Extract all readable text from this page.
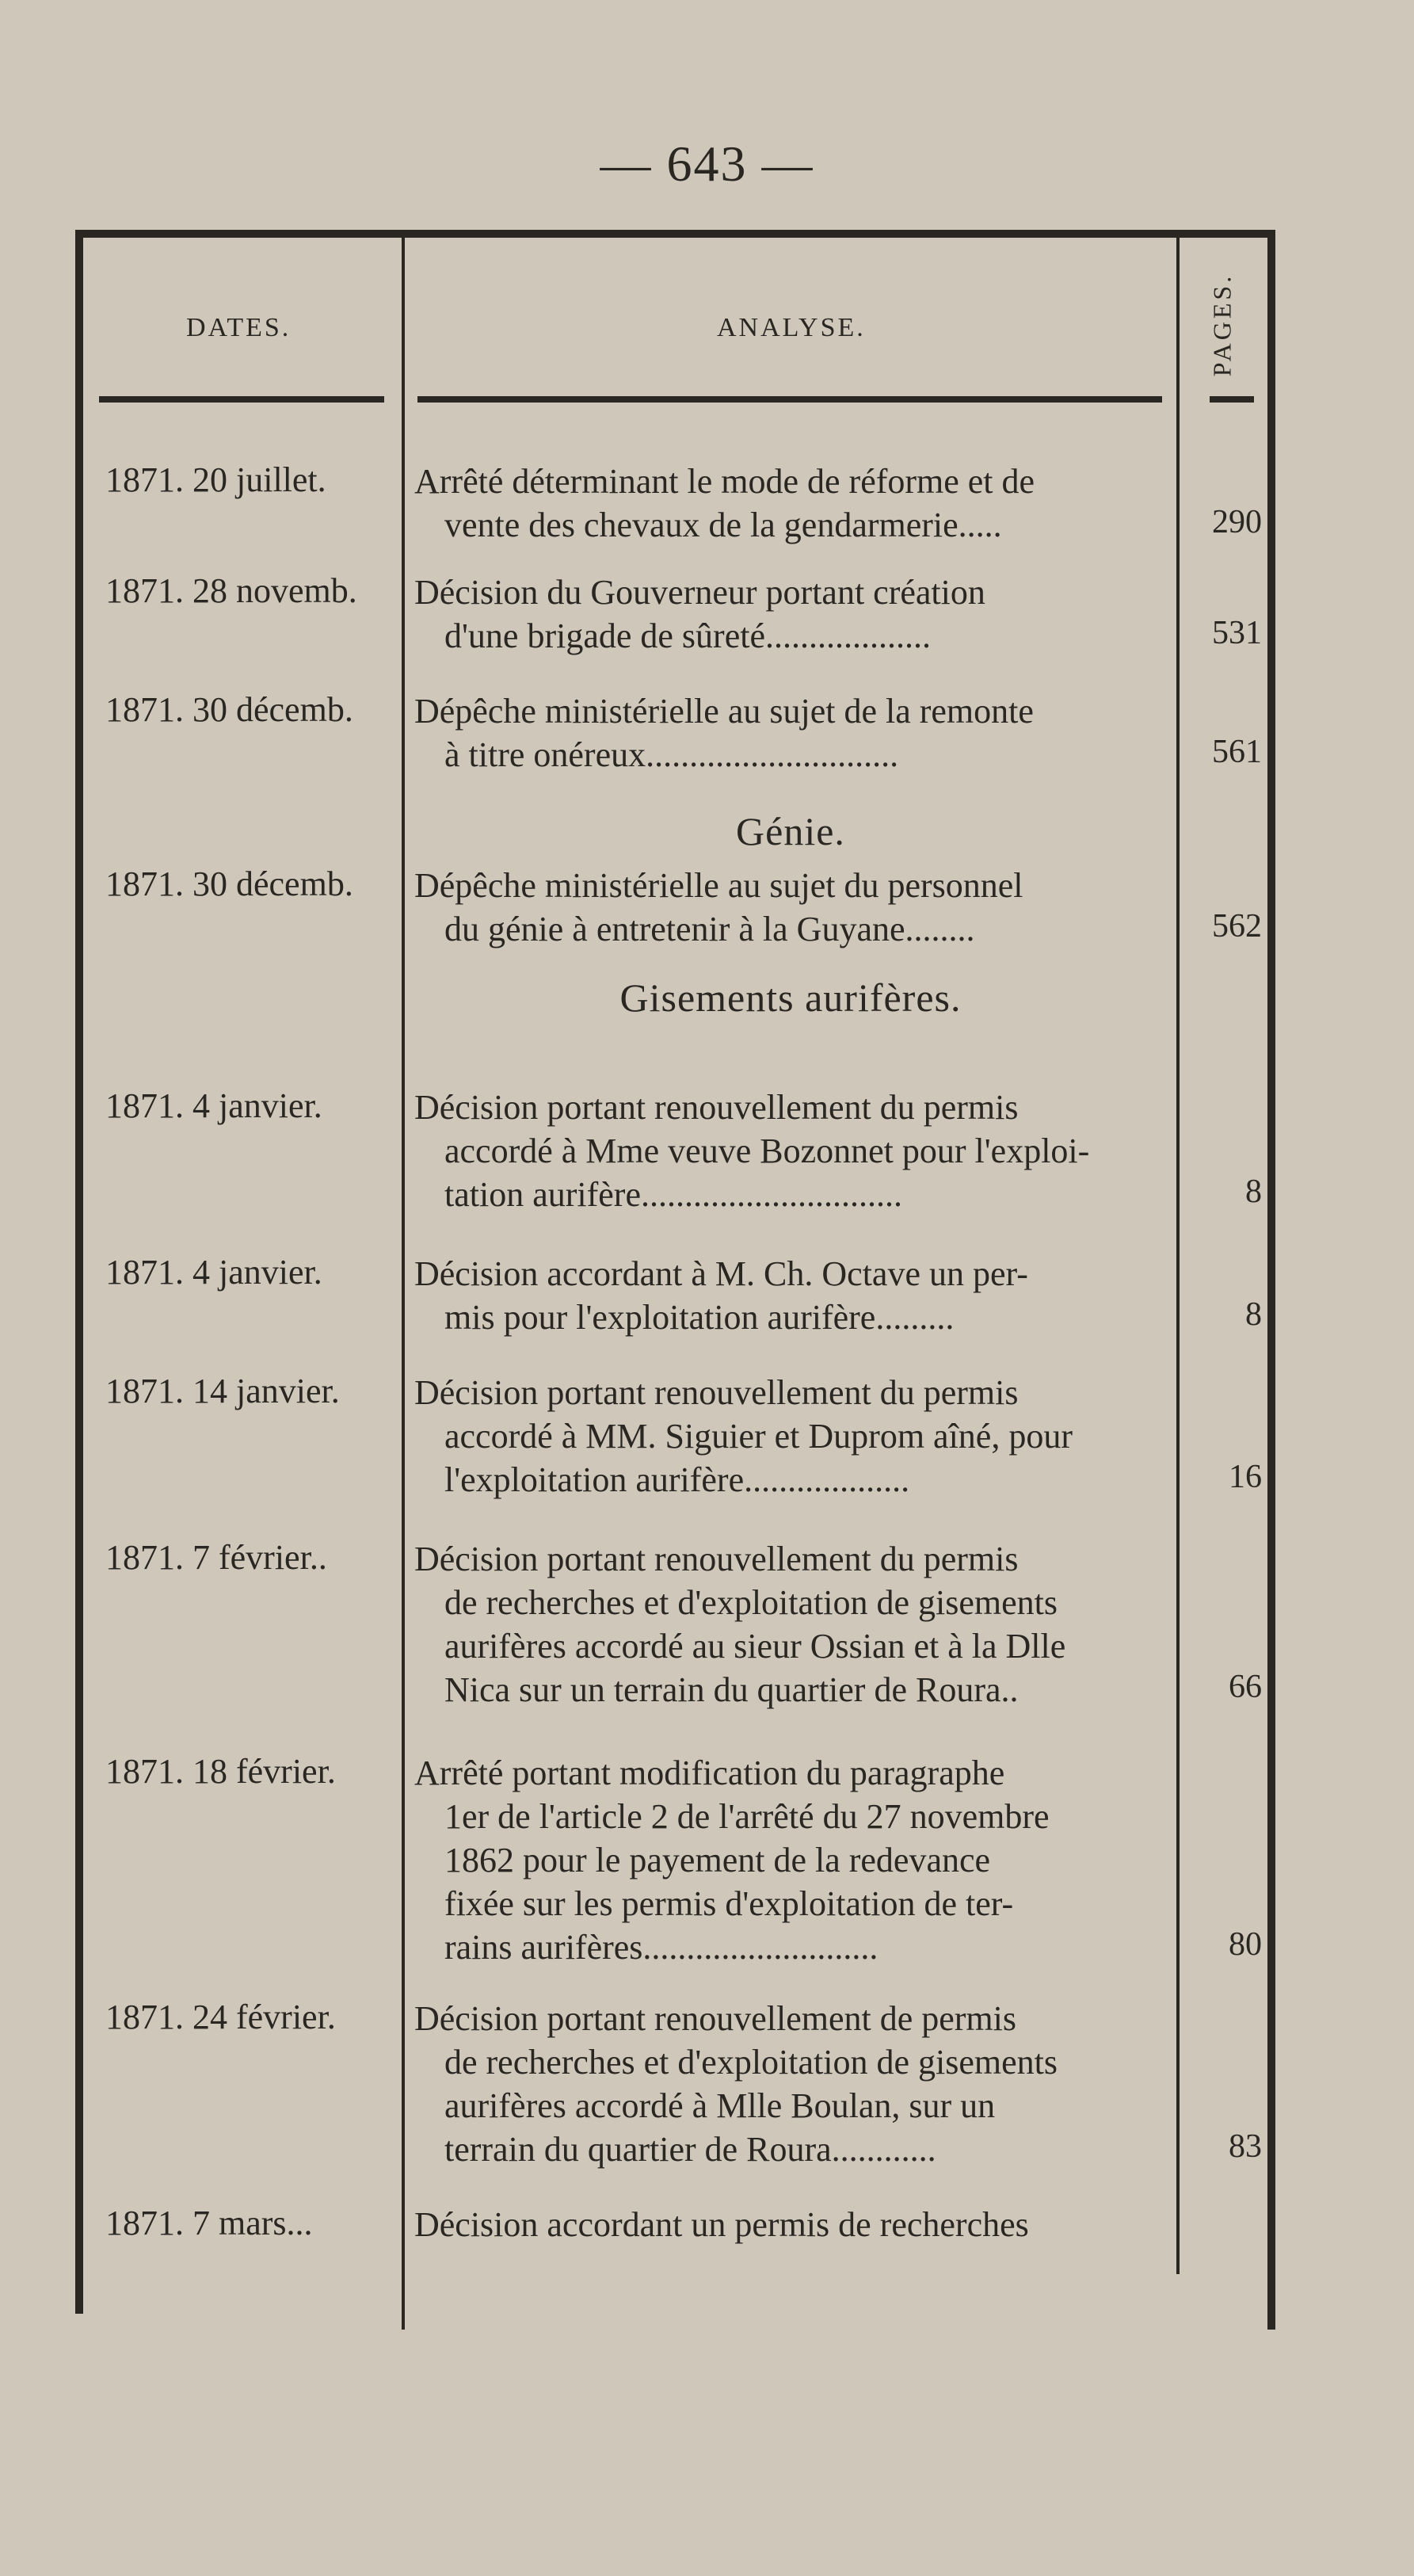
— 643 —
DATES.	ANALYSE.	PAGES.
1871. 20 juillet.	Arrêté déterminant le mode de réforme et de
vente des chevaux de la gendarmerie.....	290
1871. 28 novemb.	Décision du Gouverneur portant création
d'une brigade de sûreté...................	531
1871. 30 décemb.	Dépêche ministérielle au sujet de la remonte
à titre onéreux.............................	561
Génie.
1871. 30 décemb.	Dépêche ministérielle au sujet du personnel
du génie à entretenir à la Guyane........	562
Gisements aurifères.
1871. 4 janvier.	Décision portant renouvellement du permis
accordé à Mme veuve Bozonnet pour l'exploi-
tation aurifère..............................	8
1871. 4 janvier.	Décision accordant à M. Ch. Octave un per-
mis pour l'exploitation aurifère.........	8
1871. 14 janvier.	Décision portant renouvellement du permis
accordé à MM. Siguier et Duprom aîné, pour
l'exploitation aurifère...................	16
1871. 7 février..	Décision portant renouvellement du permis
de recherches et d'exploitation de gisements
aurifères accordé au sieur Ossian et à la Dlle
Nica sur un terrain du quartier de Roura..	66
1871. 18 février.	Arrêté portant modification du paragraphe
1er de l'article 2 de l'arrêté du 27 novembre
1862 pour le payement de la redevance
fixée sur les permis d'exploitation de ter-
rains aurifères...........................	80
1871. 24 février.	Décision portant renouvellement de permis
de recherches et d'exploitation de gisements
aurifères accordé à Mlle Boulan, sur un
terrain du quartier de Roura............	83
1871. 7 mars...	Décision accordant un permis de recherches
